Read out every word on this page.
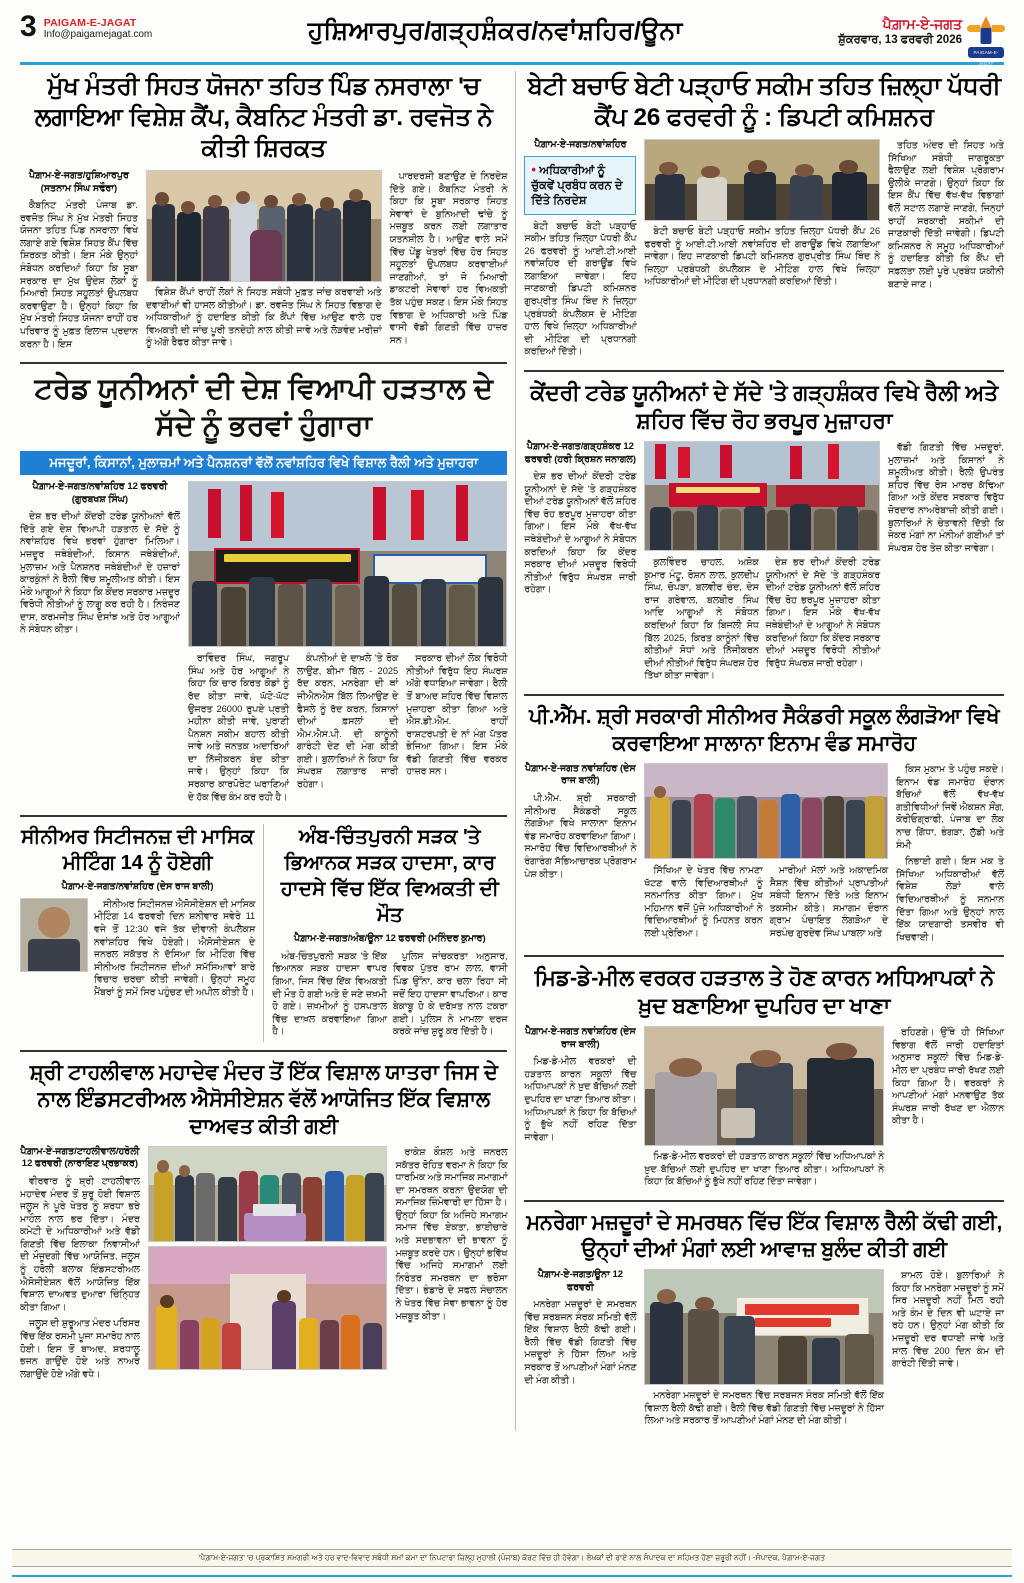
3 PAIGAM-E-JAGAT
Info@paigamejagat.com	ਹੁਸ਼ਿਆਰਪੁਰ/ਗੜ੍ਹਸ਼ੰਕਰ/ਨਵਾਂਸ਼ਹਿਰ/ਊਨਾ	ਪੈਗ਼ਾਮ-ਏ-ਜਗਤ
ਸ਼ੁੱਕਰਵਾਰ, 13 ਫਰਵਰੀ 2026
PAIGAM-E-JAGAT
ਮੁੱਖ ਮੰਤਰੀ ਸਿਹਤ ਯੋਜਨਾ ਤਹਿਤ ਪਿੰਡ ਨਸਰਾਲਾ 'ਚ ਲਗਾਇਆ ਵਿਸ਼ੇਸ਼ ਕੈਂਪ, ਕੈਬਨਿਟ ਮੰਤਰੀ ਡਾ. ਰਵਜੋਤ ਨੇ ਕੀਤੀ ਸ਼ਿਰਕਤ
ਪੈਗ਼ਾਮ-ਏ-ਜਗਤ/ਹੁਸ਼ਿਆਰਪੁਰ (ਸਤਨਾਮ ਸਿੰਘ ਸਢੌਰਾ)

ਕੈਬਨਿਟ ਮੰਤਰੀ ਪੰਜਾਬ ਡਾ. ਰਵਜੋਤ ਸਿੰਘ ਨੇ ਮੁੱਖ ਮੰਤਰੀ ਸਿਹਤ ਯੋਜਨਾ ਤਹਿਤ ਪਿੰਡ ਨਸਰਾਲਾ ਵਿਖੇ ਲਗਾਏ ਗਏ ਵਿਸ਼ੇਸ਼ ਸਿਹਤ ਕੈਂਪ ਵਿੱਚ ਸ਼ਿਰਕਤ ਕੀਤੀ। ਇਸ ਮੌਕੇ ਉਨ੍ਹਾਂ ਸੰਬੋਧਨ ਕਰਦਿਆਂ ਕਿਹਾ ਕਿ ਸੂਬਾ ਸਰਕਾਰ ਦਾ ਮੁੱਖ ਉਦੇਸ਼ ਲੋਕਾਂ ਨੂੰ ਮਿਆਰੀ ਸਿਹਤ ਸਹੂਲਤਾਂ ਉਪਲਬਧ ਕਰਵਾਉਣਾ ਹੈ। ਉਨ੍ਹਾਂ ਕਿਹਾ ਕਿ ਮੁੱਖ ਮੰਤਰੀ ਸਿਹਤ ਯੋਜਨਾ ਰਾਹੀਂ ਹਰ ਪਰਿਵਾਰ ਨੂੰ ਮੁਫ਼ਤ ਇਲਾਜ ਪ੍ਰਦਾਨ ਕਰਨਾ ਹੈ। ਇਸ

ਵਿਸ਼ੇਸ਼ ਕੈਂਪਾਂ ਰਾਹੀਂ ਲੋਕਾਂ ਨੇ ਸਿਹਤ ਸਬੰਧੀ ਮੁਫ਼ਤ ਜਾਂਚ ਕਰਵਾਈ ਅਤੇ ਦਵਾਈਆਂ ਵੀ ਹਾਸਲ ਕੀਤੀਆਂ। ਡਾ. ਰਵਜੋਤ ਸਿੰਘ ਨੇ ਸਿਹਤ ਵਿਭਾਗ ਦੇ ਅਧਿਕਾਰੀਆਂ ਨੂੰ ਹਦਾਇਤ ਕੀਤੀ ਕਿ ਕੈਂਪਾਂ ਵਿੱਚ ਆਉਣ ਵਾਲੇ ਹਰ ਵਿਅਕਤੀ ਦੀ ਜਾਂਚ ਪੂਰੀ ਤਨਦੇਹੀ ਨਾਲ ਕੀਤੀ ਜਾਵੇ ਅਤੇ ਲੋੜਵੰਦ ਮਰੀਜ਼ਾਂ ਨੂੰ ਅੱਗੇ ਰੈਫਰ ਕੀਤਾ ਜਾਵੇ।

ਪਾਰਦਰਸ਼ੀ ਬਣਾਉਣ ਦੇ ਨਿਰਦੇਸ਼ ਦਿੱਤੇ ਗਏ। ਕੈਬਨਿਟ ਮੰਤਰੀ ਨੇ ਕਿਹਾ ਕਿ ਸੂਬਾ ਸਰਕਾਰ ਸਿਹਤ ਸੇਵਾਵਾਂ ਦੇ ਬੁਨਿਆਦੀ ਢਾਂਚੇ ਨੂੰ ਮਜ਼ਬੂਤ ਕਰਨ ਲਈ ਲਗਾਤਾਰ ਯਤਨਸ਼ੀਲ ਹੈ। ਆਉਣ ਵਾਲੇ ਸਮੇਂ ਵਿੱਚ ਪੇਂਡੂ ਖੇਤਰਾਂ ਵਿੱਚ ਹੋਰ ਸਿਹਤ ਸਹੂਲਤਾਂ ਉਪਲਬਧ ਕਰਵਾਈਆਂ ਜਾਣਗੀਆਂ, ਤਾਂ ਜੋ ਮਿਆਰੀ ਡਾਕਟਰੀ ਸੇਵਾਵਾਂ ਹਰ ਵਿਅਕਤੀ ਤੱਕ ਪਹੁੰਚ ਸਕਣ। ਇਸ ਮੌਕੇ ਸਿਹਤ ਵਿਭਾਗ ਦੇ ਅਧਿਕਾਰੀ ਅਤੇ ਪਿੰਡ ਵਾਸੀ ਵੱਡੀ ਗਿਣਤੀ ਵਿੱਚ ਹਾਜ਼ਰ ਸਨ।

ਟਰੇਡ ਯੂਨੀਅਨਾਂ ਦੀ ਦੇਸ਼ ਵਿਆਪੀ ਹੜਤਾਲ ਦੇ ਸੱਦੇ ਨੂੰ ਭਰਵਾਂ ਹੁੰਗਾਰਾ
ਮਜਦੂਰਾਂ, ਕਿਸਾਨਾਂ, ਮੁਲਾਜ਼ਮਾਂ ਅਤੇ ਪੈਨਸ਼ਨਰਾਂ ਵੱਲੋਂ ਨਵਾਂਸ਼ਹਿਰ ਵਿਖੇ ਵਿਸ਼ਾਲ ਰੈਲੀ ਅਤੇ ਮੁਜ਼ਾਹਰਾ
ਪੈਗ਼ਾਮ-ਏ-ਜਗਤ/ਨਵਾਂਸ਼ਹਿਰ 12 ਫਰਵਰੀ (ਗੁਰਬਖਸ਼ ਸਿੰਘ)

ਦੇਸ਼ ਭਰ ਦੀਆਂ ਕੇਂਦਰੀ ਟਰੇਡ ਯੂਨੀਅਨਾਂ ਵੱਲੋਂ ਦਿੱਤੇ ਗਏ ਦੇਸ਼ ਵਿਆਪੀ ਹੜਤਾਲ ਦੇ ਸੱਦੇ ਨੂੰ ਨਵਾਂਸ਼ਹਿਰ ਵਿਖੇ ਭਰਵਾਂ ਹੁੰਗਾਰਾ ਮਿਲਿਆ। ਮਜ਼ਦੂਰ ਜਥੇਬੰਦੀਆਂ, ਕਿਸਾਨ ਜਥੇਬੰਦੀਆਂ, ਮੁਲਾਜ਼ਮ ਅਤੇ ਪੈਨਸ਼ਨਰ ਜਥੇਬੰਦੀਆਂ ਦੇ ਹਜ਼ਾਰਾਂ ਕਾਰਕੁੰਨਾਂ ਨੇ ਰੈਲੀ ਵਿੱਚ ਸ਼ਮੂਲੀਅਤ ਕੀਤੀ। ਇਸ ਮੌਕੇ ਆਗੂਆਂ ਨੇ ਕਿਹਾ ਕਿ ਕੇਂਦਰ ਸਰਕਾਰ ਮਜ਼ਦੂਰ ਵਿਰੋਧੀ ਨੀਤੀਆਂ ਨੂੰ ਲਾਗੂ ਕਰ ਰਹੀ ਹੈ। ਨਿਰੰਜਣ ਦਾਸ, ਕਰਮਜੀਤ ਸਿੰਘ ਦੋਸਾਂਝ ਅਤੇ ਹੋਰ ਆਗੂਆਂ ਨੇ ਸੰਬੋਧਨ ਕੀਤਾ।

ਰਾਵਿੰਦਰ ਸਿੰਘ, ਜਗਰੂਪ ਸਿੰਘ ਅਤੇ ਹੋਰ ਆਗੂਆਂ ਨੇ ਕਿਹਾ ਕਿ ਚਾਰ ਕਿਰਤ ਕੋਡਾਂ ਨੂੰ ਰੱਦ ਕੀਤਾ ਜਾਵੇ, ਘੱਟੋ-ਘੱਟ ਉਜਰਤ 26000 ਰੁਪਏ ਪ੍ਰਤੀ ਮਹੀਨਾ ਕੀਤੀ ਜਾਵੇ, ਪੁਰਾਣੀ ਪੈਨਸ਼ਨ ਸਕੀਮ ਬਹਾਲ ਕੀਤੀ ਜਾਵੇ ਅਤੇ ਜਨਤਕ ਅਦਾਰਿਆਂ ਦਾ ਨਿੱਜੀਕਰਨ ਬੰਦ ਕੀਤਾ ਜਾਵੇ। ਉਨ੍ਹਾਂ ਕਿਹਾ ਕਿ ਸਰਕਾਰ ਕਾਰਪੋਰੇਟ ਘਰਾਣਿਆਂ ਦੇ ਹੱਕ ਵਿੱਚ ਕੰਮ ਕਰ ਰਹੀ ਹੈ।

ਕੰਪਨੀਆਂ ਦੇ ਦਾਖ਼ਲੇ 'ਤੇ ਰੋਕ ਲਾਉਣ, ਬੀਮਾ ਬਿੱਲ - 2025 ਰੱਦ ਕਰਨ, ਮਨਰੇਗਾ ਦੀ ਥਾਂ ਜੀਐਨਐਸ ਬਿੱਲ ਲਿਆਉਣ ਦੇ ਫੈਸਲੇ ਨੂੰ ਰੱਦ ਕਰਨ, ਕਿਸਾਨਾਂ ਦੀਆਂ ਫ਼ਸਲਾਂ ਦੀ ਐਮ.ਐਸ.ਪੀ. ਦੀ ਕਾਨੂੰਨੀ ਗਾਰੰਟੀ ਦੇਣ ਦੀ ਮੰਗ ਕੀਤੀ ਗਈ। ਬੁਲਾਰਿਆਂ ਨੇ ਕਿਹਾ ਕਿ ਸੰਘਰਸ਼ ਲਗਾਤਾਰ ਜਾਰੀ ਰਹੇਗਾ।

ਸਰਕਾਰ ਦੀਆਂ ਲੋਕ ਵਿਰੋਧੀ ਨੀਤੀਆਂ ਵਿਰੁੱਧ ਇਹ ਸੰਘਰਸ਼ ਅੱਗੇ ਵਧਾਇਆ ਜਾਵੇਗਾ। ਰੈਲੀ ਤੋਂ ਬਾਅਦ ਸ਼ਹਿਰ ਵਿੱਚ ਵਿਸ਼ਾਲ ਮੁਜ਼ਾਹਰਾ ਕੀਤਾ ਗਿਆ ਅਤੇ ਐਸ.ਡੀ.ਐਮ. ਰਾਹੀਂ ਰਾਸ਼ਟਰਪਤੀ ਦੇ ਨਾਂ ਮੰਗ ਪੱਤਰ ਭੇਜਿਆ ਗਿਆ। ਇਸ ਮੌਕੇ ਵੱਡੀ ਗਿਣਤੀ ਵਿੱਚ ਵਰਕਰ ਹਾਜ਼ਰ ਸਨ।

ਸੀਨੀਅਰ ਸਿਟੀਜਨਜ਼ ਦੀ ਮਾਸਿਕ ਮੀਟਿੰਗ 14 ਨੂੰ ਹੋਏਗੀ
ਪੈਗ਼ਾਮ-ਏ-ਜਗਤ/ਨਵਾਂਸ਼ਹਿਰ (ਦੇਸ ਰਾਜ ਬਾਲੀ)

ਸੀਨੀਅਰ ਸਿਟੀਜਨਜ਼ ਐਸੋਸੀਏਸ਼ਨ ਦੀ ਮਾਸਿਕ ਮੀਟਿੰਗ 14 ਫਰਵਰੀ ਦਿਨ ਸ਼ਨੀਵਾਰ ਸਵੇਰੇ 11 ਵਜੇ ਤੋਂ 12:30 ਵਜੇ ਤੱਕ ਦੀਵਾਨੀ ਕੰਪਲੈਕਸ ਨਵਾਂਸ਼ਹਿਰ ਵਿਖੇ ਹੋਏਗੀ। ਐਸੋਸੀਏਸ਼ਨ ਦੇ ਜਨਰਲ ਸਕੱਤਰ ਨੇ ਦੱਸਿਆ ਕਿ ਮੀਟਿੰਗ ਵਿੱਚ ਸੀਨੀਅਰ ਸਿਟੀਜਨਜ਼ ਦੀਆਂ ਸਮੱਸਿਆਵਾਂ ਬਾਰੇ ਵਿਚਾਰ ਚਰਚਾ ਕੀਤੀ ਜਾਵੇਗੀ। ਉਨ੍ਹਾਂ ਸਮੂਹ ਮੈਂਬਰਾਂ ਨੂੰ ਸਮੇਂ ਸਿਰ ਪਹੁੰਚਣ ਦੀ ਅਪੀਲ ਕੀਤੀ ਹੈ।

ਅੰਬ-ਚਿੰਤਪੁਰਨੀ ਸੜਕ 'ਤੇ ਭਿਆਨਕ ਸੜਕ ਹਾਦਸਾ, ਕਾਰ ਹਾਦਸੇ ਵਿੱਚ ਇੱਕ ਵਿਅਕਤੀ ਦੀ ਮੌਤ
ਪੈਗ਼ਾਮ-ਏ-ਜਗਤ/ਅੰਬ/ਊਨਾ 12 ਫਰਵਰੀ (ਮਨਿੰਦਰ ਕੁਮਾਰ)

ਅੰਬ-ਚਿੰਤਪੁਰਨੀ ਸੜਕ 'ਤੇ ਇੱਕ ਭਿਆਨਕ ਸੜਕ ਹਾਦਸਾ ਵਾਪਰ ਗਿਆ, ਜਿਸ ਵਿੱਚ ਇੱਕ ਵਿਅਕਤੀ ਦੀ ਮੌਤ ਹੋ ਗਈ ਅਤੇ ਦੋ ਜਣੇ ਜ਼ਖ਼ਮੀ ਹੋ ਗਏ। ਜ਼ਖ਼ਮੀਆਂ ਨੂੰ ਹਸਪਤਾਲ ਵਿੱਚ ਦਾਖ਼ਲ ਕਰਵਾਇਆ ਗਿਆ ਹੈ।

ਪੁਲਿਸ ਜਾਂਚਕਰਤਾ ਅਨੁਸਾਰ, ਵਿਵਕ ਪੁੱਤਰ ਰਾਮ ਲਾਲ, ਵਾਸੀ ਪਿੰਡ ਉੱਨਾ, ਕਾਰ ਚਲਾ ਰਿਹਾ ਸੀ ਜਦੋਂ ਇਹ ਹਾਦਸਾ ਵਾਪਰਿਆ। ਕਾਰ ਬੇਕਾਬੂ ਹੋ ਕੇ ਦਰੱਖ਼ਤ ਨਾਲ ਟਕਰਾ ਗਈ। ਪੁਲਿਸ ਨੇ ਮਾਮਲਾ ਦਰਜ ਕਰਕੇ ਜਾਂਚ ਸ਼ੁਰੂ ਕਰ ਦਿੱਤੀ ਹੈ।

ਸ਼੍ਰੀ ਟਾਹਲੀਵਾਲ ਮਹਾਦੇਵ ਮੰਦਰ ਤੋਂ ਇੱਕ ਵਿਸ਼ਾਲ ਯਾਤਰਾ ਜਿਸ ਦੇ ਨਾਲ ਇੰਡਸਟਰੀਅਲ ਐਸੋਸੀਏਸ਼ਨ ਵੱਲੋਂ ਆਯੋਜਿਤ ਇੱਕ ਵਿਸ਼ਾਲ ਦਾਅਵਤ ਕੀਤੀ ਗਈ
ਪੈਗ਼ਾਮ-ਏ-ਜਗਤ/ਟਾਹਲੀਵਾਲ/ਹਰੋਲੀ 12 ਫਰਵਰੀ (ਨਾਰਾਇਣ ਪ੍ਰਭਾਕਰ)

ਵੀਰਵਾਰ ਨੂੰ ਸ਼੍ਰੀ ਟਾਹਲੀਵਾਲ ਮਹਾਦੇਵ ਮੰਦਰ ਤੋਂ ਸ਼ੁਰੂ ਹੋਈ ਵਿਸ਼ਾਲ ਜਲੂਸ ਨੇ ਪੂਰੇ ਖੇਤਰ ਨੂੰ ਸ਼ਰਧਾ ਭਰੇ ਮਾਹੌਲ ਨਾਲ ਭਰ ਦਿੱਤਾ। ਮੰਦਰ ਕਮੇਟੀ ਦੇ ਅਧਿਕਾਰੀਆਂ ਅਤੇ ਵੱਡੀ ਗਿਣਤੀ ਵਿੱਚ ਇਲਾਕਾ ਨਿਵਾਸੀਆਂ ਦੀ ਮੌਜੂਦਗੀ ਵਿੱਚ ਆਯੋਜਿਤ, ਜਲੂਸ ਨੂੰ ਹਰੋਲੀ ਬਲਾਕ ਇੰਡਸਟਰੀਅਲ ਐਸੋਸੀਏਸ਼ਨ ਵੱਲੋਂ ਆਯੋਜਿਤ ਇੱਕ ਵਿਸ਼ਾਲ ਦਾਅਵਤ ਦੁਆਰਾ ਚਿੰਨ੍ਹਿਤ ਕੀਤਾ ਗਿਆ।

ਜਲੂਸ ਦੀ ਸ਼ੁਰੂਆਤ ਮੰਦਰ ਪਰਿਸਰ ਵਿੱਚ ਇੱਕ ਰਸਮੀ ਪੂਜਾ ਸਮਾਰੋਹ ਨਾਲ ਹੋਈ। ਇਸ ਤੋਂ ਬਾਅਦ, ਸ਼ਰਧਾਲੂ ਭਜਨ ਗਾਉਂਦੇ ਹੋਏ ਅਤੇ ਨਾਅਰੇ ਲਗਾਉਂਦੇ ਹੋਏ ਅੱਗੇ ਵਧੇ।

ਰਾਕੇਸ਼ ਕੌਸ਼ਲ ਅਤੇ ਜਨਰਲ ਸਕੱਤਰ ਰੋਹਿਤ ਵਰਮਾ ਨੇ ਕਿਹਾ ਕਿ ਧਾਰਮਿਕ ਅਤੇ ਸਮਾਜਿਕ ਸਮਾਗਮਾਂ ਦਾ ਸਮਰਥਨ ਕਰਨਾ ਉਦਯੋਗ ਦੀ ਸਮਾਜਿਕ ਜ਼ਿੰਮੇਵਾਰੀ ਦਾ ਹਿੱਸਾ ਹੈ। ਉਨ੍ਹਾਂ ਕਿਹਾ ਕਿ ਅਜਿਹੇ ਸਮਾਗਮ ਸਮਾਜ ਵਿੱਚ ਏਕਤਾ, ਭਾਈਚਾਰੇ ਅਤੇ ਸਦਭਾਵਨਾ ਦੀ ਭਾਵਨਾ ਨੂੰ ਮਜ਼ਬੂਤ ਕਰਦੇ ਹਨ। ਉਨ੍ਹਾਂ ਭਵਿੱਖ ਵਿੱਚ ਅਜਿਹੇ ਸਮਾਗਮਾਂ ਲਈ ਨਿਰੰਤਰ ਸਮਰਥਨ ਦਾ ਭਰੋਸਾ ਦਿੱਤਾ। ਭੰਡਾਰੇ ਦੇ ਸਫਲ ਸੰਚਾਲਨ ਨੇ ਖੇਤਰ ਵਿੱਚ ਸੇਵਾ ਭਾਵਨਾ ਨੂੰ ਹੋਰ ਮਜ਼ਬੂਤ ਕੀਤਾ।

ਬੇਟੀ ਬਚਾਓ ਬੇਟੀ ਪੜ੍ਹਾਓ ਸਕੀਮ ਤਹਿਤ ਜ਼ਿਲ੍ਹਾ ਪੱਧਰੀ ਕੈਂਪ 26 ਫਰਵਰੀ ਨੂੰ : ਡਿਪਟੀ ਕਮਿਸ਼ਨਰ
ਪੈਗ਼ਾਮ-ਏ-ਜਗਤ/ਨਵਾਂਸ਼ਹਿਰ
• ਅਧਿਕਾਰੀਆਂ ਨੂੰ ਚੁੱਕਵੇਂ ਪ੍ਰਬੰਧ ਕਰਨ ਦੇ ਦਿੱਤੇ ਨਿਰਦੇਸ਼

ਬੇਟੀ ਬਚਾਓ ਬੇਟੀ ਪੜ੍ਹਾਓ ਸਕੀਮ ਤਹਿਤ ਜ਼ਿਲ੍ਹਾ ਪੱਧਰੀ ਕੈਂਪ 26 ਫਰਵਰੀ ਨੂੰ ਆਈ.ਟੀ.ਆਈ ਨਵਾਂਸ਼ਹਿਰ ਦੀ ਗਰਾਊਂਡ ਵਿਖੇ ਲਗਾਇਆ ਜਾਵੇਗਾ। ਇਹ ਜਾਣਕਾਰੀ ਡਿਪਟੀ ਕਮਿਸ਼ਨਰ ਗੁਰਪ੍ਰੀਤ ਸਿੰਘ ਥਿੰਦ ਨੇ ਜ਼ਿਲ੍ਹਾ ਪ੍ਰਬੰਧਕੀ ਕੰਪਲੈਕਸ ਦੇ ਮੀਟਿੰਗ ਹਾਲ ਵਿਖੇ ਜ਼ਿਲ੍ਹਾ ਅਧਿਕਾਰੀਆਂ ਦੀ ਮੀਟਿੰਗ ਦੀ ਪ੍ਰਧਾਨਗੀ ਕਰਦਿਆਂ ਦਿੱਤੀ।

ਬੇਟੀ ਬਚਾਓ ਬੇਟੀ ਪੜ੍ਹਾਓ ਸਕੀਮ ਤਹਿਤ ਜ਼ਿਲ੍ਹਾ ਪੱਧਰੀ ਕੈਂਪ 26 ਫਰਵਰੀ ਨੂੰ ਆਈ.ਟੀ.ਆਈ ਨਵਾਂਸ਼ਹਿਰ ਦੀ ਗਰਾਊਂਡ ਵਿਖੇ ਲਗਾਇਆ ਜਾਵੇਗਾ। ਇਹ ਜਾਣਕਾਰੀ ਡਿਪਟੀ ਕਮਿਸ਼ਨਰ ਗੁਰਪ੍ਰੀਤ ਸਿੰਘ ਥਿੰਦ ਨੇ ਜ਼ਿਲ੍ਹਾ ਪ੍ਰਬੰਧਕੀ ਕੰਪਲੈਕਸ ਦੇ ਮੀਟਿੰਗ ਹਾਲ ਵਿਖੇ ਜ਼ਿਲ੍ਹਾ ਅਧਿਕਾਰੀਆਂ ਦੀ ਮੀਟਿੰਗ ਦੀ ਪ੍ਰਧਾਨਗੀ ਕਰਦਿਆਂ ਦਿੱਤੀ।

ਤਹਿਤ ਅੰਦਰ ਦੀ ਸਿਹਤ ਅਤੇ ਸਿੱਖਿਆ ਸਬੰਧੀ ਜਾਗਰੂਕਤਾ ਫੈਲਾਉਣ ਲਈ ਵਿਸ਼ੇਸ਼ ਪ੍ਰੋਗਰਾਮ ਉਲੀਕੇ ਜਾਣਗੇ। ਉਨ੍ਹਾਂ ਕਿਹਾ ਕਿ ਇਸ ਕੈਂਪ ਵਿੱਚ ਵੱਖ-ਵੱਖ ਵਿਭਾਗਾਂ ਵੱਲੋਂ ਸਟਾਲ ਲਗਾਏ ਜਾਣਗੇ, ਜਿਨ੍ਹਾਂ ਰਾਹੀਂ ਸਰਕਾਰੀ ਸਕੀਮਾਂ ਦੀ ਜਾਣਕਾਰੀ ਦਿੱਤੀ ਜਾਵੇਗੀ। ਡਿਪਟੀ ਕਮਿਸ਼ਨਰ ਨੇ ਸਮੂਹ ਅਧਿਕਾਰੀਆਂ ਨੂੰ ਹਦਾਇਤ ਕੀਤੀ ਕਿ ਕੈਂਪ ਦੀ ਸਫ਼ਲਤਾ ਲਈ ਪੂਰੇ ਪ੍ਰਬੰਧ ਯਕੀਨੀ ਬਣਾਏ ਜਾਣ।

ਕੇਂਦਰੀ ਟਰੇਡ ਯੂਨੀਅਨਾਂ ਦੇ ਸੱਦੇ 'ਤੇ ਗੜ੍ਹਸ਼ੰਕਰ ਵਿਖੇ ਰੈਲੀ ਅਤੇ ਸ਼ਹਿਰ ਵਿੱਚ ਰੋਹ ਭਰਪੂਰ ਮੁਜ਼ਾਹਰਾ
ਪੈਗ਼ਾਮ-ਏ-ਜਗਤ/ਗੜ੍ਹਸ਼ੰਕਰ 12 ਫਰਵਰੀ (ਹਰੀ ਕ੍ਰਿਸ਼ਨ ਜਨਾਗਲ)

ਦੇਸ਼ ਭਰ ਦੀਆਂ ਕੇਂਦਰੀ ਟਰੇਡ ਯੂਨੀਅਨਾਂ ਦੇ ਸੱਦੇ 'ਤੇ ਗੜ੍ਹਸ਼ੰਕਰ ਦੀਆਂ ਟਰੇਡ ਯੂਨੀਅਨਾਂ ਵੱਲੋਂ ਸ਼ਹਿਰ ਵਿੱਚ ਰੋਹ ਭਰਪੂਰ ਮੁਜ਼ਾਹਰਾ ਕੀਤਾ ਗਿਆ। ਇਸ ਮੌਕੇ ਵੱਖ-ਵੱਖ ਜਥੇਬੰਦੀਆਂ ਦੇ ਆਗੂਆਂ ਨੇ ਸੰਬੋਧਨ ਕਰਦਿਆਂ ਕਿਹਾ ਕਿ ਕੇਂਦਰ ਸਰਕਾਰ ਦੀਆਂ ਮਜ਼ਦੂਰ ਵਿਰੋਧੀ ਨੀਤੀਆਂ ਵਿਰੁੱਧ ਸੰਘਰਸ਼ ਜਾਰੀ ਰਹੇਗਾ।

ਕੁਲਵਿੰਦਰ ਚਾਹਲ, ਅਸ਼ੋਕ ਕੁਮਾਰ ਮੰਟੂ, ਰੋਸ਼ਨ ਲਾਲ, ਕੁਲਦੀਪ ਸਿੰਘ, ਚੋਪੜਾ, ਬਲਵੀਰ ਚੰਦ, ਦੇਸ ਰਾਜ ਗਰੇਵਾਲ, ਬਲਬੀਰ ਸਿੰਘ ਆਦਿ ਆਗੂਆਂ ਨੇ ਸੰਬੋਧਨ ਕਰਦਿਆਂ ਕਿਹਾ ਕਿ ਬਿਜਲੀ ਸੋਧ ਬਿੱਲ 2025, ਕਿਰਤ ਕਾਨੂੰਨਾਂ ਵਿੱਚ ਕੀਤੀਆਂ ਸੋਧਾਂ ਅਤੇ ਨਿੱਜੀਕਰਨ ਦੀਆਂ ਨੀਤੀਆਂ ਵਿਰੁੱਧ ਸੰਘਰਸ਼ ਹੋਰ ਤਿੱਖਾ ਕੀਤਾ ਜਾਵੇਗਾ।

ਦੇਸ਼ ਭਰ ਦੀਆਂ ਕੇਂਦਰੀ ਟਰੇਡ ਯੂਨੀਅਨਾਂ ਦੇ ਸੱਦੇ 'ਤੇ ਗੜ੍ਹਸ਼ੰਕਰ ਦੀਆਂ ਟਰੇਡ ਯੂਨੀਅਨਾਂ ਵੱਲੋਂ ਸ਼ਹਿਰ ਵਿੱਚ ਰੋਹ ਭਰਪੂਰ ਮੁਜ਼ਾਹਰਾ ਕੀਤਾ ਗਿਆ। ਇਸ ਮੌਕੇ ਵੱਖ-ਵੱਖ ਜਥੇਬੰਦੀਆਂ ਦੇ ਆਗੂਆਂ ਨੇ ਸੰਬੋਧਨ ਕਰਦਿਆਂ ਕਿਹਾ ਕਿ ਕੇਂਦਰ ਸਰਕਾਰ ਦੀਆਂ ਮਜ਼ਦੂਰ ਵਿਰੋਧੀ ਨੀਤੀਆਂ ਵਿਰੁੱਧ ਸੰਘਰਸ਼ ਜਾਰੀ ਰਹੇਗਾ।

ਵੱਡੀ ਗਿਣਤੀ ਵਿੱਚ ਮਜ਼ਦੂਰਾਂ, ਮੁਲਾਜ਼ਮਾਂ ਅਤੇ ਕਿਸਾਨਾਂ ਨੇ ਸ਼ਮੂਲੀਅਤ ਕੀਤੀ। ਰੈਲੀ ਉਪਰੰਤ ਸ਼ਹਿਰ ਵਿੱਚ ਰੋਸ ਮਾਰਚ ਕੱਢਿਆ ਗਿਆ ਅਤੇ ਕੇਂਦਰ ਸਰਕਾਰ ਵਿਰੁੱਧ ਜ਼ੋਰਦਾਰ ਨਾਅਰੇਬਾਜ਼ੀ ਕੀਤੀ ਗਈ। ਬੁਲਾਰਿਆਂ ਨੇ ਚੇਤਾਵਨੀ ਦਿੱਤੀ ਕਿ ਜੇਕਰ ਮੰਗਾਂ ਨਾ ਮੰਨੀਆਂ ਗਈਆਂ ਤਾਂ ਸੰਘਰਸ਼ ਹੋਰ ਤੇਜ਼ ਕੀਤਾ ਜਾਵੇਗਾ।

ਪੀ.ਐੱਮ. ਸ਼੍ਰੀ ਸਰਕਾਰੀ ਸੀਨੀਅਰ ਸੈਕੰਡਰੀ ਸਕੂਲ ਲੰਗੜੋਆ ਵਿਖੇ ਕਰਵਾਇਆ ਸਾਲਾਨਾ ਇਨਾਮ ਵੰਡ ਸਮਾਰੋਹ
ਪੈਗ਼ਾਮ-ਏ-ਜਗਤ ਨਵਾਂਸ਼ਹਿਰ (ਦੇਸ ਰਾਜ ਬਾਲੀ)

ਪੀ.ਐੱਮ. ਸ਼੍ਰੀ ਸਰਕਾਰੀ ਸੀਨੀਅਰ ਸੈਕੰਡਰੀ ਸਕੂਲ ਲੰਗੜੋਆ ਵਿਖੇ ਸਾਲਾਨਾ ਇਨਾਮ ਵੰਡ ਸਮਾਰੋਹ ਕਰਵਾਇਆ ਗਿਆ। ਸਮਾਰੋਹ ਵਿੱਚ ਵਿਦਿਆਰਥੀਆਂ ਨੇ ਰੰਗਾਰੰਗ ਸੱਭਿਆਚਾਰਕ ਪ੍ਰੋਗਰਾਮ ਪੇਸ਼ ਕੀਤਾ।	ਸਿੱਖਿਆ ਦੇ ਖੇਤਰ ਵਿੱਚ ਨਾਮਣਾ ਖੱਟਣ ਵਾਲੇ ਵਿਦਿਆਰਥੀਆਂ ਨੂੰ ਸਨਮਾਨਿਤ ਕੀਤਾ ਗਿਆ। ਮੁੱਖ ਮਹਿਮਾਨ ਵਜੋਂ ਪੁੱਜੇ ਅਧਿਕਾਰੀਆਂ ਨੇ ਵਿਦਿਆਰਥੀਆਂ ਨੂੰ ਮਿਹਨਤ ਕਰਨ ਲਈ ਪ੍ਰੇਰਿਆ।

ਮਾਰੀਆਂ ਮੱਲਾਂ ਅਤੇ ਅਕਾਦਮਿਕ ਸੈਸ਼ਨ ਵਿੱਚ ਕੀਤੀਆਂ ਪ੍ਰਾਪਤੀਆਂ ਸਬੰਧੀ ਇਨਾਮ ਦਿੱਤੇ ਅਤੇ ਇਨਾਮ ਤਕਸੀਮ ਕੀਤੇ। ਸਮਾਗਮ ਦੌਰਾਨ ਗ੍ਰਾਮ ਪੰਚਾਇਤ ਲੰਗੜੋਆ ਦੇ ਸਰਪੰਚ ਗੁਰਦੇਵ ਸਿੰਘ ਪਾਬਲਾ ਅਤੇ

ਕਿਸ ਮੁਕਾਮ ਤੇ ਪਹੁੰਚ ਸਕਦੇ। ਇਨਾਮ ਵੰਡ ਸਮਾਰੋਹ ਦੌਰਾਨ ਬੱਚਿਆਂ ਵੱਲੋਂ ਵੱਖ-ਵੱਖ ਗਤੀਵਿਧੀਆਂ ਜਿਵੇਂ ਐਕਸ਼ਨ ਸੌਂਗ, ਕੋਰੀਓਗ੍ਰਾਫੀ, ਪੰਜਾਬ ਦਾ ਲੋਕ ਨਾਚ ਗਿੱਧਾ, ਭੰਗੜਾ, ਲੁੱਡੀ ਅਤੇ ਸੰਮੀ

ਨਿਭਾਈ ਗਈ। ਇਸ ਮਕ ਤੇ ਸਿੱਖਿਆ ਅਧਿਕਾਰੀਆਂ ਵੱਲੋਂ ਵਿਸ਼ੇਸ਼ ਲੋੜਾਂ ਵਾਲੇ ਵਿਦਿਆਰਥੀਆਂ ਨੂੰ ਸਨਮਾਨ ਦਿੱਤਾ ਗਿਆ ਅਤੇ ਉਨ੍ਹਾਂ ਨਾਲ ਇੱਕ ਯਾਦਗਾਰੀ ਤਸਵੀਰ ਵੀ ਖਿਚਵਾਈ।

ਮਿਡ-ਡੇ-ਮੀਲ ਵਰਕਰ ਹੜਤਾਲ ਤੇ ਹੋਣ ਕਾਰਨ ਅਧਿਆਪਕਾਂ ਨੇ ਖ਼ੁਦ ਬਣਾਇਆ ਦੁਪਹਿਰ ਦਾ ਖਾਣਾ
ਪੈਗ਼ਾਮ-ਏ-ਜਗਤ ਨਵਾਂਸ਼ਹਿਰ (ਦੇਸ ਰਾਜ ਬਾਲੀ)

ਮਿਡ-ਡੇ-ਮੀਲ ਵਰਕਰਾਂ ਦੀ ਹੜਤਾਲ ਕਾਰਨ ਸਕੂਲਾਂ ਵਿੱਚ ਅਧਿਆਪਕਾਂ ਨੇ ਖ਼ੁਦ ਬੱਚਿਆਂ ਲਈ ਦੁਪਹਿਰ ਦਾ ਖਾਣਾ ਤਿਆਰ ਕੀਤਾ। ਅਧਿਆਪਕਾਂ ਨੇ ਕਿਹਾ ਕਿ ਬੱਚਿਆਂ ਨੂੰ ਭੁੱਖੇ ਨਹੀਂ ਰਹਿਣ ਦਿੱਤਾ ਜਾਵੇਗਾ।

ਮਿਡ-ਡੇ-ਮੀਲ ਵਰਕਰਾਂ ਦੀ ਹੜਤਾਲ ਕਾਰਨ ਸਕੂਲਾਂ ਵਿੱਚ ਅਧਿਆਪਕਾਂ ਨੇ ਖ਼ੁਦ ਬੱਚਿਆਂ ਲਈ ਦੁਪਹਿਰ ਦਾ ਖਾਣਾ ਤਿਆਰ ਕੀਤਾ। ਅਧਿਆਪਕਾਂ ਨੇ ਕਿਹਾ ਕਿ ਬੱਚਿਆਂ ਨੂੰ ਭੁੱਖੇ ਨਹੀਂ ਰਹਿਣ ਦਿੱਤਾ ਜਾਵੇਗਾ।

ਰਹਿਣਗੇ। ਉੱਥੇ ਹੀ ਸਿੱਖਿਆ ਵਿਭਾਗ ਵੱਲੋਂ ਜਾਰੀ ਹਦਾਇਤਾਂ ਅਨੁਸਾਰ ਸਕੂਲਾਂ ਵਿੱਚ ਮਿਡ-ਡੇ-ਮੀਲ ਦਾ ਪ੍ਰਬੰਧ ਜਾਰੀ ਰੱਖਣ ਲਈ ਕਿਹਾ ਗਿਆ ਹੈ। ਵਰਕਰਾਂ ਨੇ ਆਪਣੀਆਂ ਮੰਗਾਂ ਮਨਵਾਉਣ ਤੱਕ ਸੰਘਰਸ਼ ਜਾਰੀ ਰੱਖਣ ਦਾ ਐਲਾਨ ਕੀਤਾ ਹੈ।

ਮਨਰੇਗਾ ਮਜ਼ਦੂਰਾਂ ਦੇ ਸਮਰਥਨ ਵਿੱਚ ਇੱਕ ਵਿਸ਼ਾਲ ਰੈਲੀ ਕੱਢੀ ਗਈ, ਉਨ੍ਹਾਂ ਦੀਆਂ ਮੰਗਾਂ ਲਈ ਆਵਾਜ਼ ਬੁਲੰਦ ਕੀਤੀ ਗਈ
ਪੈਗ਼ਾਮ-ਏ-ਜਗਤ/ਊਨਾ 12 ਫਰਵਰੀ

ਮਨਰੇਗਾ ਮਜ਼ਦੂਰਾਂ ਦੇ ਸਮਰਥਨ ਵਿੱਚ ਸਰਬਜਨ ਸੰਰਕ ਸਮਿਤੀ ਵੱਲੋਂ ਇੱਕ ਵਿਸ਼ਾਲ ਰੈਲੀ ਕੱਢੀ ਗਈ। ਰੈਲੀ ਵਿੱਚ ਵੱਡੀ ਗਿਣਤੀ ਵਿੱਚ ਮਜ਼ਦੂਰਾਂ ਨੇ ਹਿੱਸਾ ਲਿਆ ਅਤੇ ਸਰਕਾਰ ਤੋਂ ਆਪਣੀਆਂ ਮੰਗਾਂ ਮੰਨਣ ਦੀ ਮੰਗ ਕੀਤੀ।

ਮਨਰੇਗਾ ਮਜ਼ਦੂਰਾਂ ਦੇ ਸਮਰਥਨ ਵਿੱਚ ਸਰਬਜਨ ਸੰਰਕ ਸਮਿਤੀ ਵੱਲੋਂ ਇੱਕ ਵਿਸ਼ਾਲ ਰੈਲੀ ਕੱਢੀ ਗਈ। ਰੈਲੀ ਵਿੱਚ ਵੱਡੀ ਗਿਣਤੀ ਵਿੱਚ ਮਜ਼ਦੂਰਾਂ ਨੇ ਹਿੱਸਾ ਲਿਆ ਅਤੇ ਸਰਕਾਰ ਤੋਂ ਆਪਣੀਆਂ ਮੰਗਾਂ ਮੰਨਣ ਦੀ ਮੰਗ ਕੀਤੀ।

ਸ਼ਾਮਲ ਹੋਏ। ਬੁਲਾਰਿਆਂ ਨੇ ਕਿਹਾ ਕਿ ਮਨਰੇਗਾ ਮਜ਼ਦੂਰਾਂ ਨੂੰ ਸਮੇਂ ਸਿਰ ਮਜ਼ਦੂਰੀ ਨਹੀਂ ਮਿਲ ਰਹੀ ਅਤੇ ਕੰਮ ਦੇ ਦਿਨ ਵੀ ਘਟਾਏ ਜਾ ਰਹੇ ਹਨ। ਉਨ੍ਹਾਂ ਮੰਗ ਕੀਤੀ ਕਿ ਮਜ਼ਦੂਰੀ ਦਰ ਵਧਾਈ ਜਾਵੇ ਅਤੇ ਸਾਲ ਵਿੱਚ 200 ਦਿਨ ਕੰਮ ਦੀ ਗਾਰੰਟੀ ਦਿੱਤੀ ਜਾਵੇ।

'ਪੈਗ਼ਾਮ-ਏ-ਜਗਤ' 'ਚ ਪ੍ਰਕਾਸ਼ਿਤ ਸਮਗਰੀ ਅਤੇ ਹਰ ਵਾਦ-ਵਿਵਾਦ ਸਬੰਧੀ ਸਮਾਂ ਕਮਾ ਦਾ ਨਿਪਟਾਰਾ ਜ਼ਿਲ੍ਹ ਮੁਹਾਲੀ (ਪੰਜਾਬ) ਕੋਰਟ ਵਿੱਚ ਹੀ ਹੋਵੇਗਾ। ਲੇਖਕਾਂ ਦੀ ਰਾਏ ਨਾਲ ਸੰਪਾਦਕ ਦਾ ਸਹਿਮਤ ਹੋਣਾ ਜ਼ਰੂਰੀ ਨਹੀਂ। -ਸੰਪਾਦਕ, ਪੈਗ਼ਾਮ-ਏ-ਜਗਤ
